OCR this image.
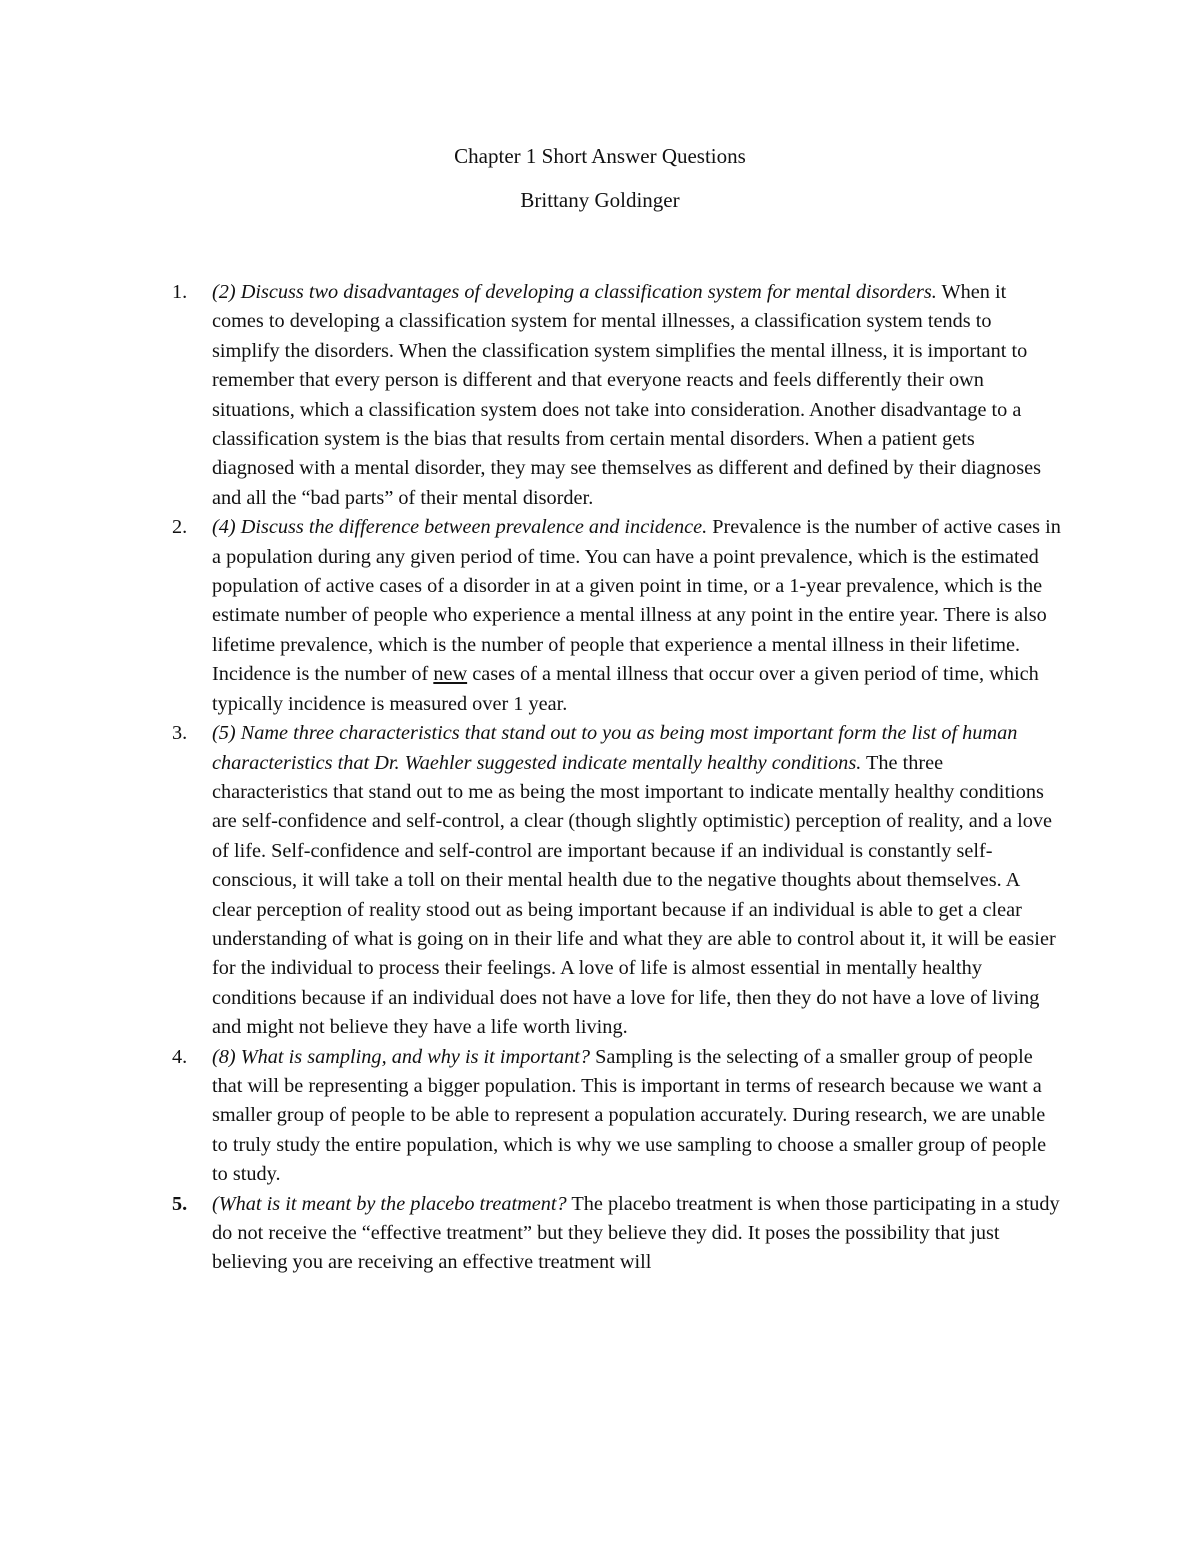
Chapter 1 Short Answer Questions

Brittany Goldinger

1. (2) Discuss two disadvantages of developing a classification system for mental disorders. When it comes to developing a classification system for mental illnesses, a classification system tends to simplify the disorders. When the classification system simplifies the mental illness, it is important to remember that every person is different and that everyone reacts and feels differently their own situations, which a classification system does not take into consideration. Another disadvantage to a classification system is the bias that results from certain mental disorders. When a patient gets diagnosed with a mental disorder, they may see themselves as different and defined by their diagnoses and all the “bad parts” of their mental disorder.
2. (4) Discuss the difference between prevalence and incidence. Prevalence is the number of active cases in a population during any given period of time. You can have a point prevalence, which is the estimated population of active cases of a disorder in at a given point in time, or a 1-year prevalence, which is the estimate number of people who experience a mental illness at any point in the entire year. There is also lifetime prevalence, which is the number of people that experience a mental illness in their lifetime. Incidence is the number of new cases of a mental illness that occur over a given period of time, which typically incidence is measured over 1 year.
3. (5) Name three characteristics that stand out to you as being most important form the list of human characteristics that Dr. Waehler suggested indicate mentally healthy conditions. The three characteristics that stand out to me as being the most important to indicate mentally healthy conditions are self-confidence and self-control, a clear (though slightly optimistic) perception of reality, and a love of life. Self-confidence and self-control are important because if an individual is constantly self-conscious, it will take a toll on their mental health due to the negative thoughts about themselves. A clear perception of reality stood out as being important because if an individual is able to get a clear understanding of what is going on in their life and what they are able to control about it, it will be easier for the individual to process their feelings. A love of life is almost essential in mentally healthy conditions because if an individual does not have a love for life, then they do not have a love of living and might not believe they have a life worth living.
4. (8) What is sampling, and why is it important? Sampling is the selecting of a smaller group of people that will be representing a bigger population. This is important in terms of research because we want a smaller group of people to be able to represent a population accurately. During research, we are unable to truly study the entire population, which is why we use sampling to choose a smaller group of people to study.
5. (What is it meant by the placebo treatment? The placebo treatment is when those participating in a study do not receive the “effective treatment” but they believe they did. It poses the possibility that just believing you are receiving an effective treatment will
